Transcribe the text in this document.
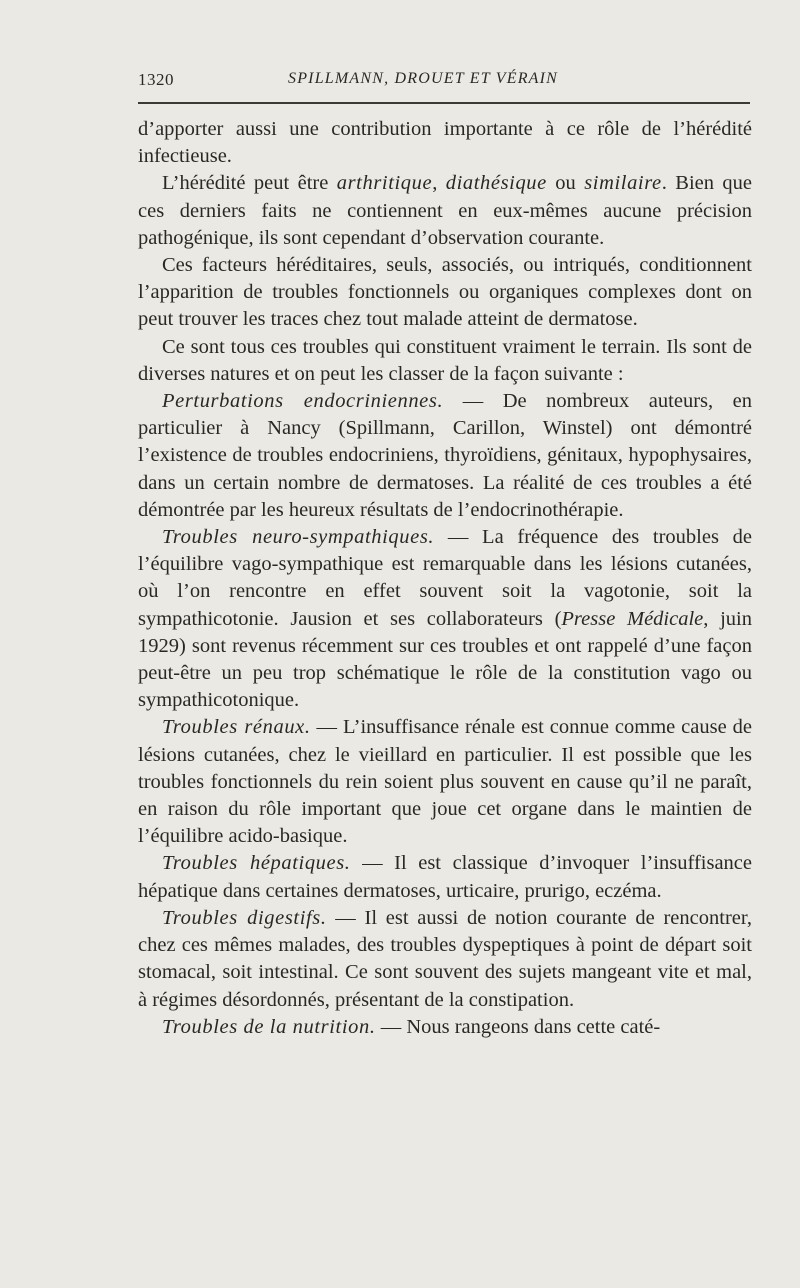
1320	SPILLMANN, DROUET ET VÉRAIN

d’apporter aussi une contribution importante à ce rôle de l’hérédité infectieuse.

L’hérédité peut être arthritique, diathésique ou similaire. Bien que ces derniers faits ne contiennent en eux-mêmes aucune précision pathogénique, ils sont cependant d’observation courante.

Ces facteurs héréditaires, seuls, associés, ou intriqués, conditionnent l’apparition de troubles fonctionnels ou organiques complexes dont on peut trouver les traces chez tout malade atteint de dermatose.

Ce sont tous ces troubles qui constituent vraiment le terrain. Ils sont de diverses natures et on peut les classer de la façon suivante :

Perturbations endocriniennes. — De nombreux auteurs, en particulier à Nancy (Spillmann, Carillon, Winstel) ont démontré l’existence de troubles endocriniens, thyroïdiens, génitaux, hypophysaires, dans un certain nombre de dermatoses. La réalité de ces troubles a été démontrée par les heureux résultats de l’endocrinothérapie.

Troubles neuro-sympathiques. — La fréquence des troubles de l’équilibre vago-sympathique est remarquable dans les lésions cutanées, où l’on rencontre en effet souvent soit la vagotonie, soit la sympathicotonie. Jausion et ses collaborateurs (Presse Médicale, juin 1929) sont revenus récemment sur ces troubles et ont rappelé d’une façon peut-être un peu trop schématique le rôle de la constitution vago ou sympathicotonique.

Troubles rénaux. — L’insuffisance rénale est connue comme cause de lésions cutanées, chez le vieillard en particulier. Il est possible que les troubles fonctionnels du rein soient plus souvent en cause qu’il ne paraît, en raison du rôle important que joue cet organe dans le maintien de l’équilibre acido-basique.

Troubles hépatiques. — Il est classique d’invoquer l’insuffisance hépatique dans certaines dermatoses, urticaire, prurigo, eczéma.

Troubles digestifs. — Il est aussi de notion courante de rencontrer, chez ces mêmes malades, des troubles dyspeptiques à point de départ soit stomacal, soit intestinal. Ce sont souvent des sujets mangeant vite et mal, à régimes désordonnés, présentant de la constipation.

Troubles de la nutrition. — Nous rangeons dans cette caté-
